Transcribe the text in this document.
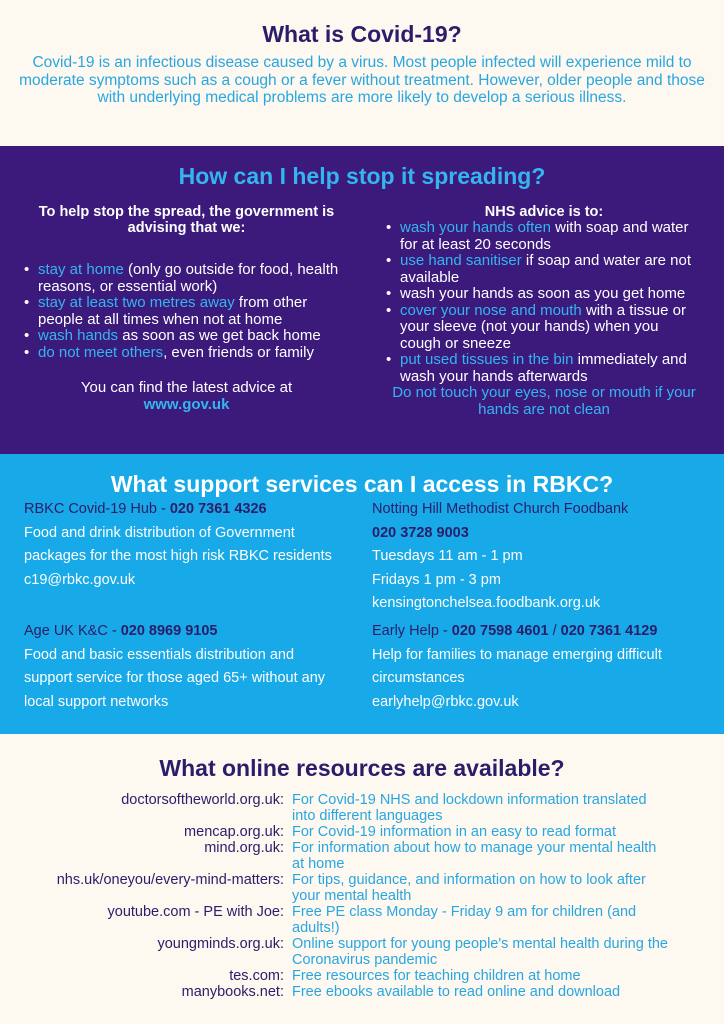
What is Covid-19?

Covid-19 is an infectious disease caused by a virus. Most people infected will experience mild to moderate symptoms such as a cough or a fever without treatment. However, older people and those with underlying medical problems are more likely to develop a serious illness.

How can I help stop it spreading?
To help stop the spread, the government is advising that we:
• stay at home (only go outside for food, health reasons, or essential work)
• stay at least two metres away from other people at all times when not at home
• wash hands as soon as we get back home
• do not meet others, even friends or family
You can find the latest advice at
www.gov.uk
NHS advice is to:
• wash your hands often with soap and water for at least 20 seconds
• use hand sanitiser if soap and water are not available
• wash your hands as soon as you get home
• cover your nose and mouth with a tissue or your sleeve (not your hands) when you cough or sneeze
• put used tissues in the bin immediately and wash your hands afterwards
Do not touch your eyes, nose or mouth if your hands are not clean
What support services can I access in RBKC?
RBKC Covid-19 Hub - 020 7361 4326
Food and drink distribution of Government packages for the most high risk RBKC residents
c19@rbkc.gov.uk
Age UK K&C - 020 8969 9105
Food and basic essentials distribution and support service for those aged 65+ without any local support networks
Notting Hill Methodist Church Foodbank
020 3728 9003
Tuesdays 11 am - 1 pm
Fridays 1 pm - 3 pm
kensingtonchelsea.foodbank.org.uk
Early Help - 020 7598 4601 / 020 7361 4129
Help for families to manage emerging difficult circumstances
earlyhelp@rbkc.gov.uk
What online resources are available?
doctorsoftheworld.org.uk: For Covid-19 NHS and lockdown information translated into different languages
mencap.org.uk: For Covid-19 information in an easy to read format
mind.org.uk: For information about how to manage your mental health at home
nhs.uk/oneyou/every-mind-matters: For tips, guidance, and information on how to look after your mental health
youtube.com - PE with Joe: Free PE class Monday - Friday 9 am for children (and adults!)
youngminds.org.uk: Online support for young people's mental health during the Coronavirus pandemic
tes.com: Free resources for teaching children at home
manybooks.net: Free ebooks available to read online and download
